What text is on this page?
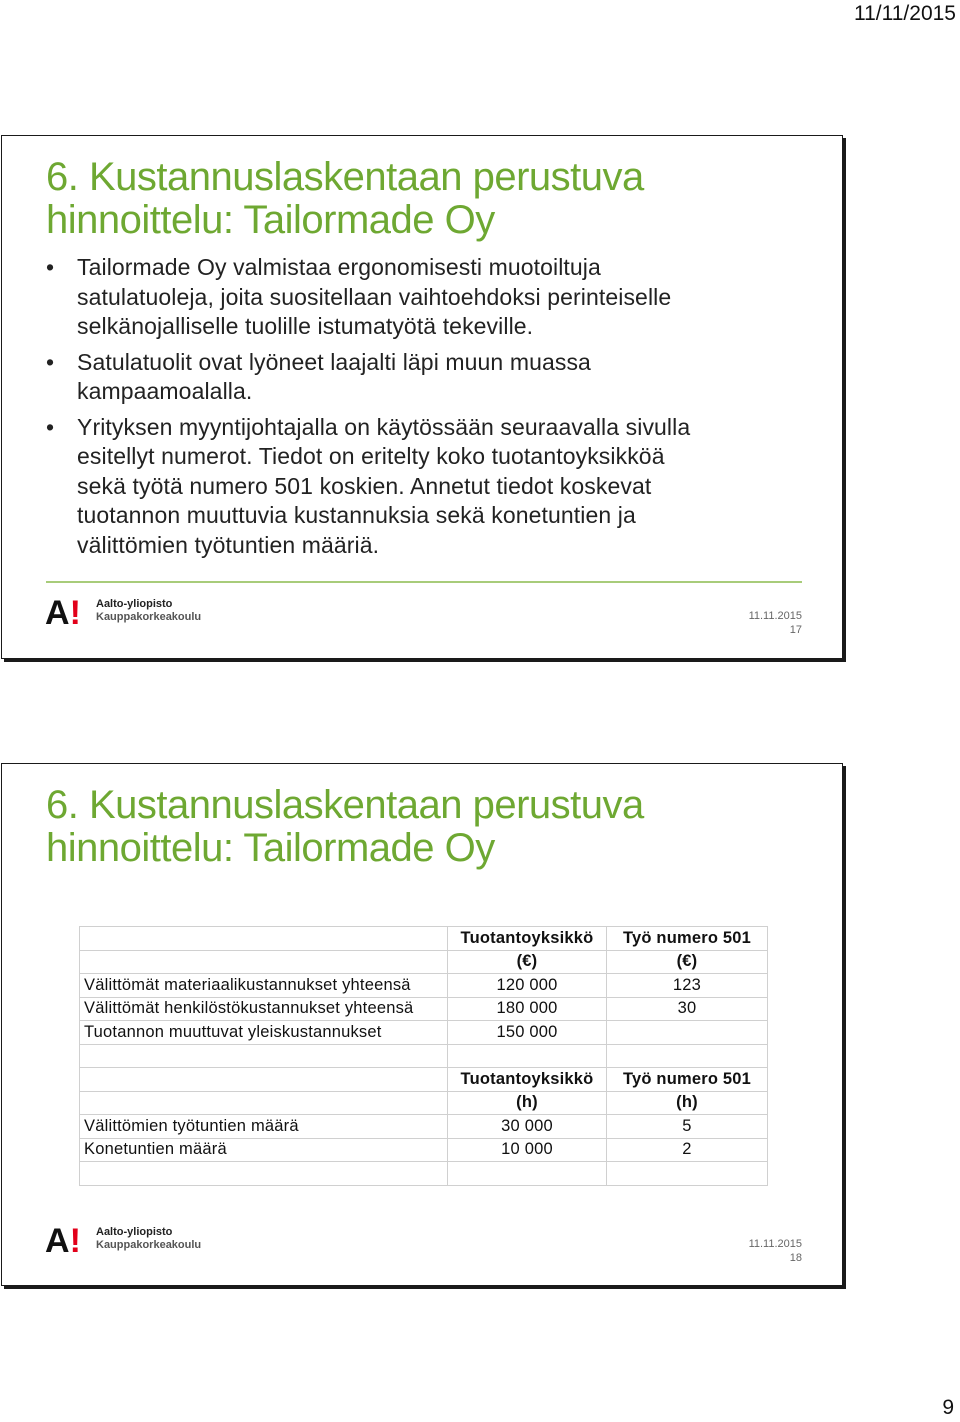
11/11/2015
6. Kustannuslaskentaan perustuva
hinnoittelu: Tailormade Oy
• Tailormade Oy valmistaa ergonomisesti muotoiltuja
satulatuoleja, joita suositellaan vaihtoehdoksi perinteiselle
selkänojalliselle tuolille istumatyötä tekeville.
• Satulatuolit ovat lyöneet laajalti läpi muun muassa
kampaamoalalla.
• Yrityksen myyntijohtajalla on käytössään seuraavalla sivulla
esitellyt numerot. Tiedot on eritelty koko tuotantoyksikköä
sekä työtä numero 501 koskien. Annetut tiedot koskevat
tuotannon muuttuvia kustannuksia sekä konetuntien ja
välittömien työtuntien määriä.
A! Aalto-yliopisto
Kauppakorkeakoulu	11.11.2015
17
6. Kustannuslaskentaan perustuva
hinnoittelu: Tailormade Oy
	Tuotantoyksikkö	Työ numero 501
	(€)	(€)
Välittömät materiaalikustannukset yhteensä	120 000	123
Välittömät henkilöstökustannukset yhteensä	180 000	30
Tuotannon muuttuvat yleiskustannukset	150 000	

	Tuotantoyksikkö	Työ numero 501
	(h)	(h)
Välittömien työtuntien määrä	30 000	5
Konetuntien määrä	10 000	2

A! Aalto-yliopisto
Kauppakorkeakoulu	11.11.2015
18
9
